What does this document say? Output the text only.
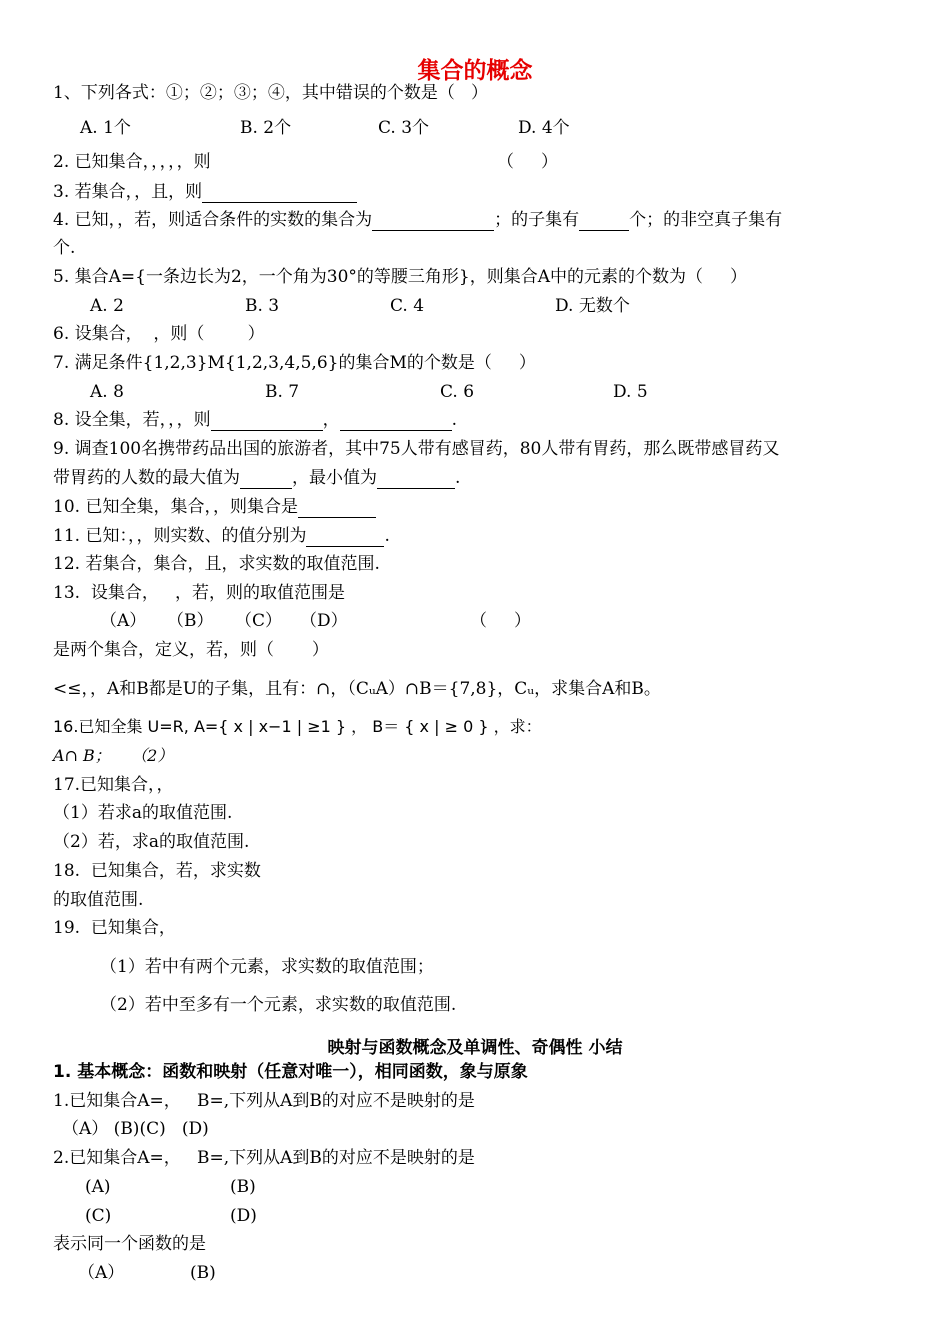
集合的概念
1、下列各式：①；②；③；④，其中错误的个数是（   ）
A. 1个	B. 2个	C. 3个	D. 4个
2. 已知集合，，，，，则	（     ）
3. 若集合，，且，则
4. 已知，，若，则适合条件的实数的集合为	；的子集有	个；的非空真子集有
个.
5. 集合A={一条边长为2，一个角为30°的等腰三角形}，则集合A中的元素的个数为（     ）
A. 2	B. 3	C. 4	D. 无数个
6. 设集合，  ，则（        ）
7. 满足条件{1,2,3}M{1,2,3,4,5,6}的集合M的个数是（     ）
A. 8	B. 7	C. 6	D. 5
8. 设全集，若，，，则	，	.
9. 调查100名携带药品出国的旅游者，其中75人带有感冒药，80人带有胃药，那么既带感冒药又
带胃药的人数的最大值为	，最小值为	.
10. 已知全集，集合，，则集合是
11. 已知：，，则实数、的值分别为	.
12. 若集合，集合，且，求实数的取值范围.
13.  设集合，   ，若，则的取值范围是
（A） （B） （C） （D）	（     ）
是两个集合，定义，若，则（       ）
<≤，，A和B都是U的子集，且有：∩，（CᵤA）∩B＝{7,8}，Cᵤ，求集合A和B。
16.已知全集 U=R, A={ x | x−1 | ≥1 } ， B＝ { x | ≥ 0 } ，求：
A∩ B；    （2）
17.已知集合，，
（1）若求a的取值范围.
（2）若，求a的取值范围.
18.  已知集合，若，求实数
的取值范围.
19.  已知集合，
（1）若中有两个元素，求实数的取值范围；
（2）若中至多有一个元素，求实数的取值范围.
映射与函数概念及单调性、奇偶性 小结
1. 基本概念：函数和映射（任意对唯一），相同函数，象与原象
1.已知集合A=，   B=,下列从A到B的对应不是映射的是
（A） (B)(C)   (D)
2.已知集合A=，   B=,下列从A到B的对应不是映射的是
(A)	(B)
(C)	(D)
表示同一个函数的是
（A）	(B)
